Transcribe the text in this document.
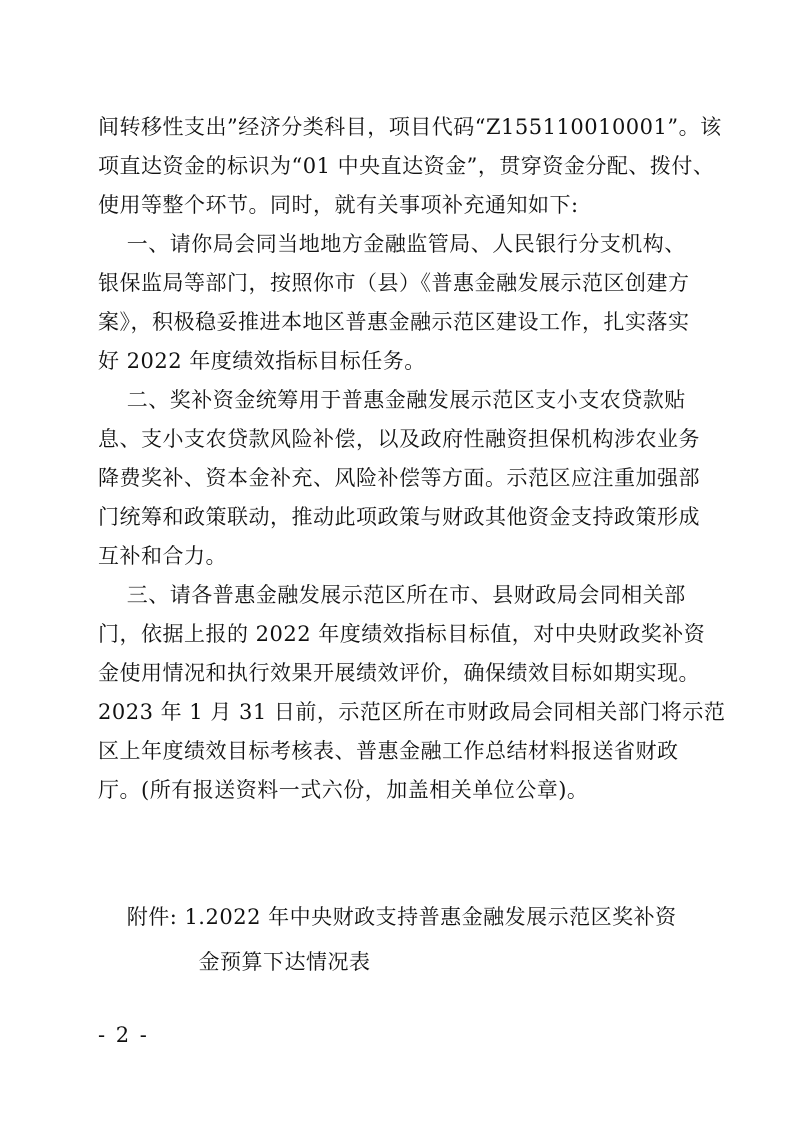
间转移性支出”经济分类科目，项目代码“Z155110010001”。该
项直达资金的标识为“01 中央直达资金”，贯穿资金分配、拨付、
使用等整个环节。同时，就有关事项补充通知如下:
一、请你局会同当地地方金融监管局、人民银行分支机构、
银保监局等部门，按照你市（县）《普惠金融发展示范区创建方
案》，积极稳妥推进本地区普惠金融示范区建设工作，扎实落实
好 2022 年度绩效指标目标任务。
二、奖补资金统筹用于普惠金融发展示范区支小支农贷款贴
息、支小支农贷款风险补偿，以及政府性融资担保机构涉农业务
降费奖补、资本金补充、风险补偿等方面。示范区应注重加强部
门统筹和政策联动，推动此项政策与财政其他资金支持政策形成
互补和合力。
三、请各普惠金融发展示范区所在市、县财政局会同相关部
门，依据上报的 2022 年度绩效指标目标值，对中央财政奖补资
金使用情况和执行效果开展绩效评价，确保绩效目标如期实现。
2023 年 1 月 31 日前，示范区所在市财政局会同相关部门将示范
区上年度绩效目标考核表、普惠金融工作总结材料报送省财政
厅。(所有报送资料一式六份，加盖相关单位公章)。
附件: 1.2022 年中央财政支持普惠金融发展示范区奖补资
金预算下达情况表
- 2 -
